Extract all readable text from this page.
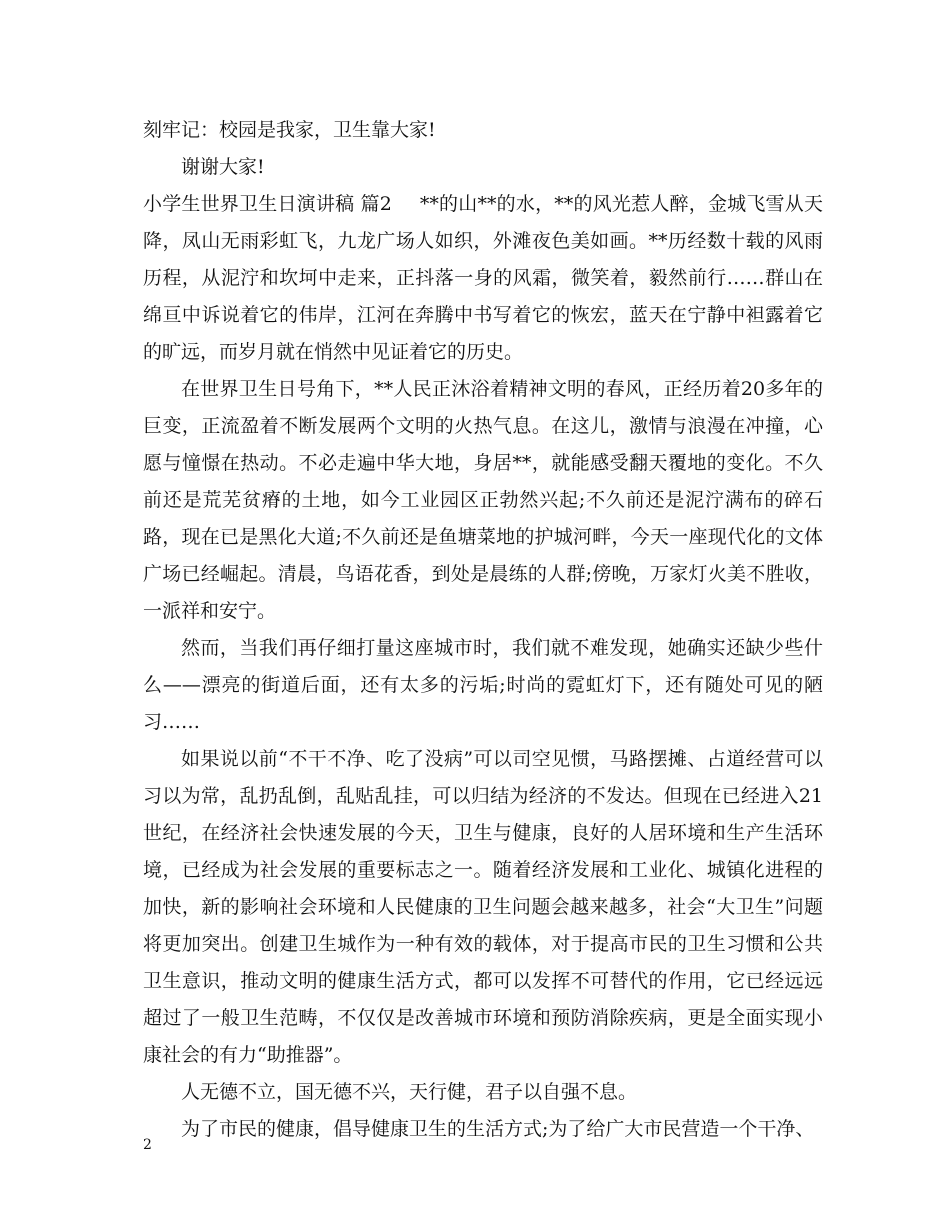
刻牢记：校园是我家，卫生靠大家!

谢谢大家!

小学生世界卫生日演讲稿 篇2 **的山**的水，**的风光惹人醉，金城飞雪从天降，凤山无雨彩虹飞，九龙广场人如织，外滩夜色美如画。**历经数十载的风雨历程，从泥泞和坎坷中走来，正抖落一身的风霜，微笑着，毅然前行……群山在绵亘中诉说着它的伟岸，江河在奔腾中书写着它的恢宏，蓝天在宁静中袒露着它的旷远，而岁月就在悄然中见证着它的历史。

在世界卫生日号角下，**人民正沐浴着精神文明的春风，正经历着20多年的巨变，正流盈着不断发展两个文明的火热气息。在这儿，激情与浪漫在冲撞，心愿与憧憬在热动。不必走遍中华大地，身居**，就能感受翻天覆地的变化。不久前还是荒芜贫瘠的土地，如今工业园区正勃然兴起;不久前还是泥泞满布的碎石路，现在已是黑化大道;不久前还是鱼塘菜地的护城河畔，今天一座现代化的文体广场已经崛起。清晨，鸟语花香，到处是晨练的人群;傍晚，万家灯火美不胜收，一派祥和安宁。

然而，当我们再仔细打量这座城市时，我们就不难发现，她确实还缺少些什么——漂亮的街道后面，还有太多的污垢;时尚的霓虹灯下，还有随处可见的陋习……

如果说以前“不干不净、吃了没病”可以司空见惯，马路摆摊、占道经营可以习以为常，乱扔乱倒，乱贴乱挂，可以归结为经济的不发达。但现在已经进入21世纪，在经济社会快速发展的今天，卫生与健康，良好的人居环境和生产生活环境，已经成为社会发展的重要标志之一。随着经济发展和工业化、城镇化进程的加快，新的影响社会环境和人民健康的卫生问题会越来越多，社会“大卫生”问题将更加突出。创建卫生城作为一种有效的载体，对于提高市民的卫生习惯和公共卫生意识，推动文明的健康生活方式，都可以发挥不可替代的作用，它已经远远超过了一般卫生范畴，不仅仅是改善城市环境和预防消除疾病，更是全面实现小康社会的有力“助推器”。

人无德不立，国无德不兴，天行健，君子以自强不息。

为了市民的健康，倡导健康卫生的生活方式;为了给广大市民营造一个干净、

2
